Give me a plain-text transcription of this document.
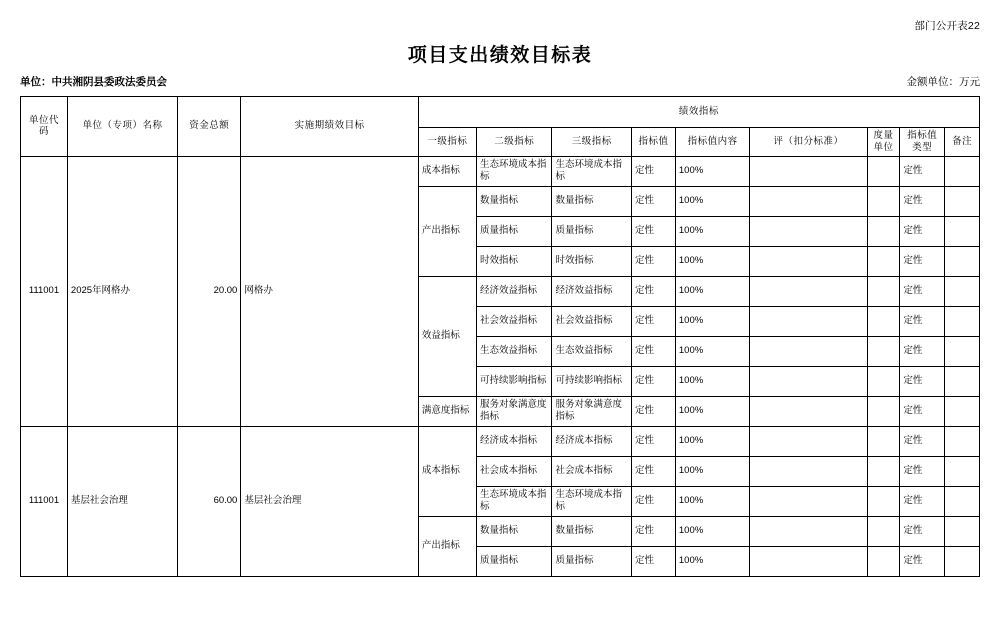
部门公开表22
项目支出绩效目标表
单位：中共湘阴县委政法委员会	金额单位：万元
单位代码	单位（专项）名称	资金总额	实施期绩效目标	绩效指标								
				一级指标	二级指标	三级指标	指标值	指标值内容	评（扣分标准）	度量单位	指标值类型	备注
111001	2025年网格办	20.00	网格办	成本指标	生态环境成本指标	生态环境成本指标	定性	100%			定性	
				产出指标	数量指标	数量指标	定性	100%			定性	
					质量指标	质量指标	定性	100%			定性	
					时效指标	时效指标	定性	100%			定性	
				效益指标	经济效益指标	经济效益指标	定性	100%			定性	
					社会效益指标	社会效益指标	定性	100%			定性	
					生态效益指标	生态效益指标	定性	100%			定性	
					可持续影响指标	可持续影响指标	定性	100%			定性	
				满意度指标	服务对象满意度指标	服务对象满意度指标	定性	100%			定性	
111001	基层社会治理	60.00	基层社会治理	成本指标	经济成本指标	经济成本指标	定性	100%			定性	
					社会成本指标	社会成本指标	定性	100%			定性	
					生态环境成本指标	生态环境成本指标	定性	100%			定性	
				产出指标	数量指标	数量指标	定性	100%			定性	
					质量指标	质量指标	定性	100%			定性	
